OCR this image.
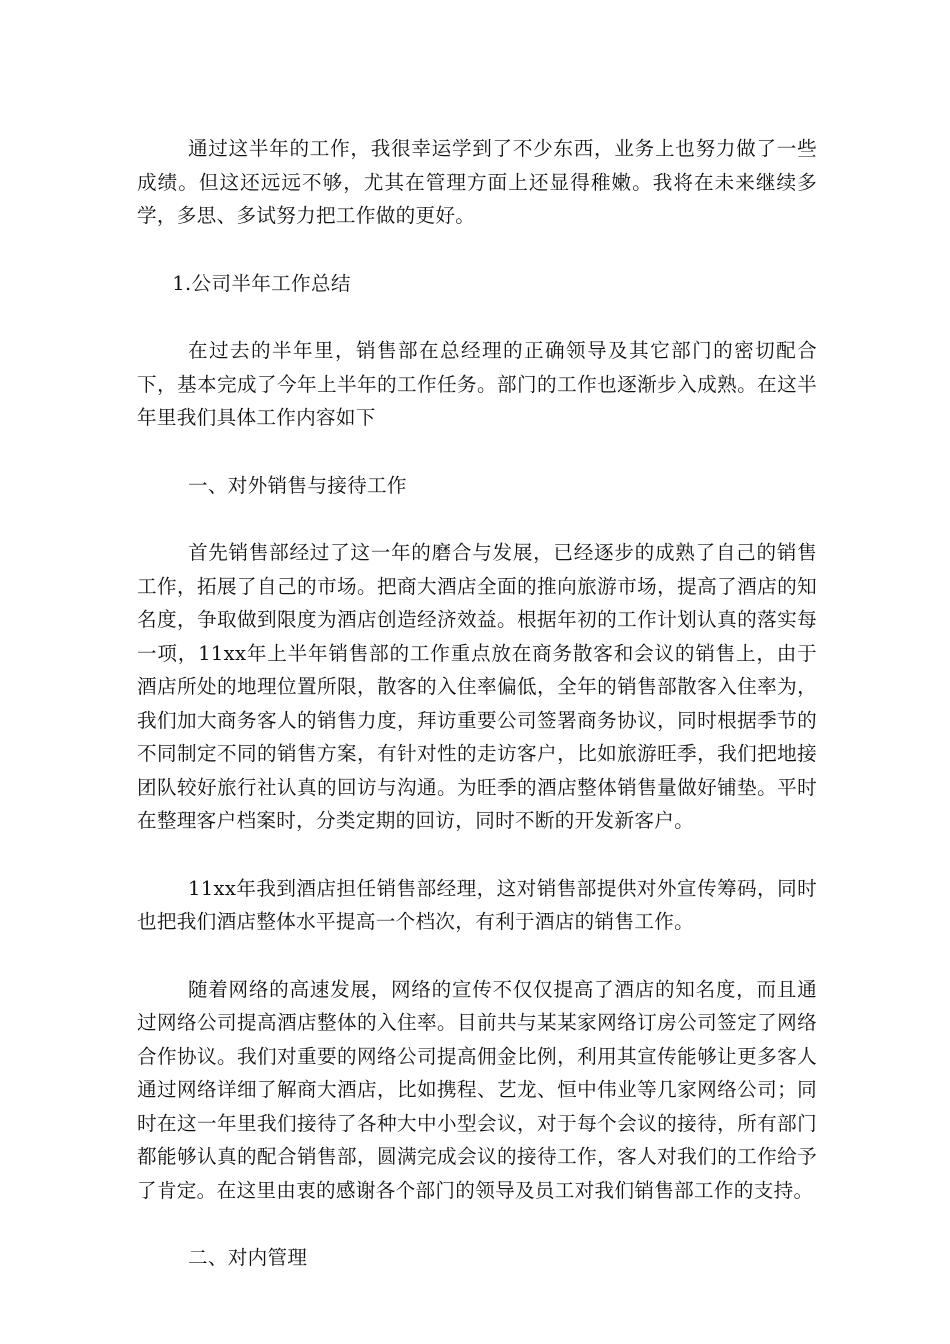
通过这半年的工作，我很幸运学到了不少东西，业务上也努力做了一些成绩。但这还远远不够，尤其在管理方面上还显得稚嫩。我将在未来继续多学，多思、多试努力把工作做的更好。

1.公司半年工作总结

在过去的半年里，销售部在总经理的正确领导及其它部门的密切配合下，基本完成了今年上半年的工作任务。部门的工作也逐渐步入成熟。在这半年里我们具体工作内容如下

一、对外销售与接待工作

首先销售部经过了这一年的磨合与发展，已经逐步的成熟了自己的销售工作，拓展了自己的市场。把商大酒店全面的推向旅游市场，提高了酒店的知名度，争取做到限度为酒店创造经济效益。根据年初的工作计划认真的落实每一项，11xx年上半年销售部的工作重点放在商务散客和会议的销售上，由于酒店所处的地理位置所限，散客的入住率偏低，全年的销售部散客入住率为，我们加大商务客人的销售力度，拜访重要公司签署商务协议，同时根据季节的不同制定不同的销售方案，有针对性的走访客户，比如旅游旺季，我们把地接团队较好旅行社认真的回访与沟通。为旺季的酒店整体销售量做好铺垫。平时在整理客户档案时，分类定期的回访，同时不断的开发新客户。

11xx年我到酒店担任销售部经理，这对销售部提供对外宣传筹码，同时也把我们酒店整体水平提高一个档次，有利于酒店的销售工作。

随着网络的高速发展，网络的宣传不仅仅提高了酒店的知名度，而且通过网络公司提高酒店整体的入住率。目前共与某某家网络订房公司签定了网络合作协议。我们对重要的网络公司提高佣金比例，利用其宣传能够让更多客人通过网络详细了解商大酒店，比如携程、艺龙、恒中伟业等几家网络公司；同时在这一年里我们接待了各种大中小型会议，对于每个会议的接待，所有部门都能够认真的配合销售部，圆满完成会议的接待工作，客人对我们的工作给予了肯定。在这里由衷的感谢各个部门的领导及员工对我们销售部工作的支持。

二、对内管理
